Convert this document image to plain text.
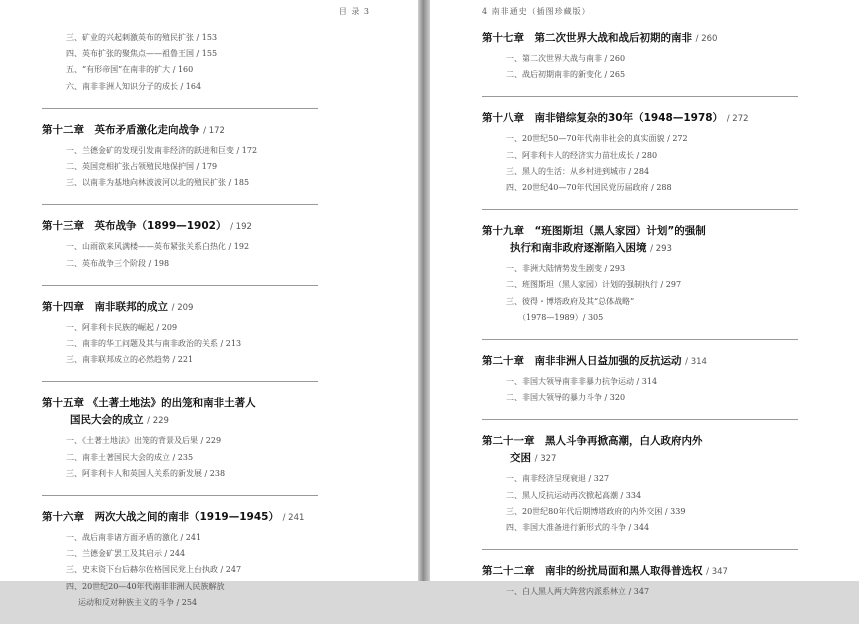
目 录 3
三、矿业的兴起刺激英布的殖民扩张 / 153
四、英布扩张的聚焦点——祖鲁王国 / 155
五、“有形帝国”在南非的扩大 / 160
六、南非非洲人知识分子的成长 / 164
第十二章　英布矛盾激化走向战争 / 172
一、兰德金矿的发现引发南非经济的跃进和巨变 / 172
二、英国竞相扩张占领殖民地保护国 / 179
三、以南非为基地向林波波河以北的殖民扩张 / 185
第十三章　英布战争（1899—1902） / 192
一、山雨欲来风满楼——英布紧张关系白热化 / 192
二、英布战争三个阶段 / 198
第十四章　南非联邦的成立 / 209
一、阿非利卡民族的崛起 / 209
二、南非的华工问题及其与南非政治的关系 / 213
三、南非联邦成立的必然趋势 / 221
第十五章 《土著土地法》的出笼和南非土著人
国民大会的成立 / 229
一、《土著土地法》出笼的背景及后果 / 229
二、南非土著国民大会的成立 / 235
三、阿非利卡人和英国人关系的新发展 / 238
第十六章　两次大战之间的南非（1919—1945） / 241
一、战后南非诸方面矛盾的激化 / 241
二、兰德金矿罢工及其启示 / 244
三、史末资下台后赫尔佐格国民党上台执政 / 247
四、20世纪20—40年代南非非洲人民族解放
运动和反对种族主义的斗争 / 254
4 南非通史（插图珍藏版）
第十七章　第二次世界大战和战后初期的南非 / 260
一、第二次世界大战与南非 / 260
二、战后初期南非的新变化 / 265
第十八章　南非错综复杂的30年（1948—1978） / 272
一、20世纪50—70年代南非社会的真实面貌 / 272
二、阿非利卡人的经济实力苗壮成长 / 280
三、黑人的生活：从乡村进到城市 / 284
四、20世纪40—70年代国民党历届政府 / 288
第十九章　“班图斯坦（黑人家园）计划”的强制
执行和南非政府逐渐陷入困境 / 293
一、非洲大陆情势发生剧变 / 293
二、班图斯坦（黑人家园）计划的强制执行 / 297
三、彼得・博塔政府及其“总体战略”
（1978—1989）/ 305
第二十章　南非非洲人日益加强的反抗运动 / 314
一、非国大领导南非非暴力抗争运动 / 314
二、非国大领导的暴力斗争 / 320
第二十一章　黑人斗争再掀高潮，白人政府内外
交困 / 327
一、南非经济呈现衰退 / 327
二、黑人反抗运动再次掀起高潮 / 334
三、20世纪80年代后期博塔政府的内外交困 / 339
四、非国大准备进行新形式的斗争 / 344
第二十二章　南非的纷扰局面和黑人取得普选权 / 347
一、白人黑人两大阵营内派系林立 / 347
